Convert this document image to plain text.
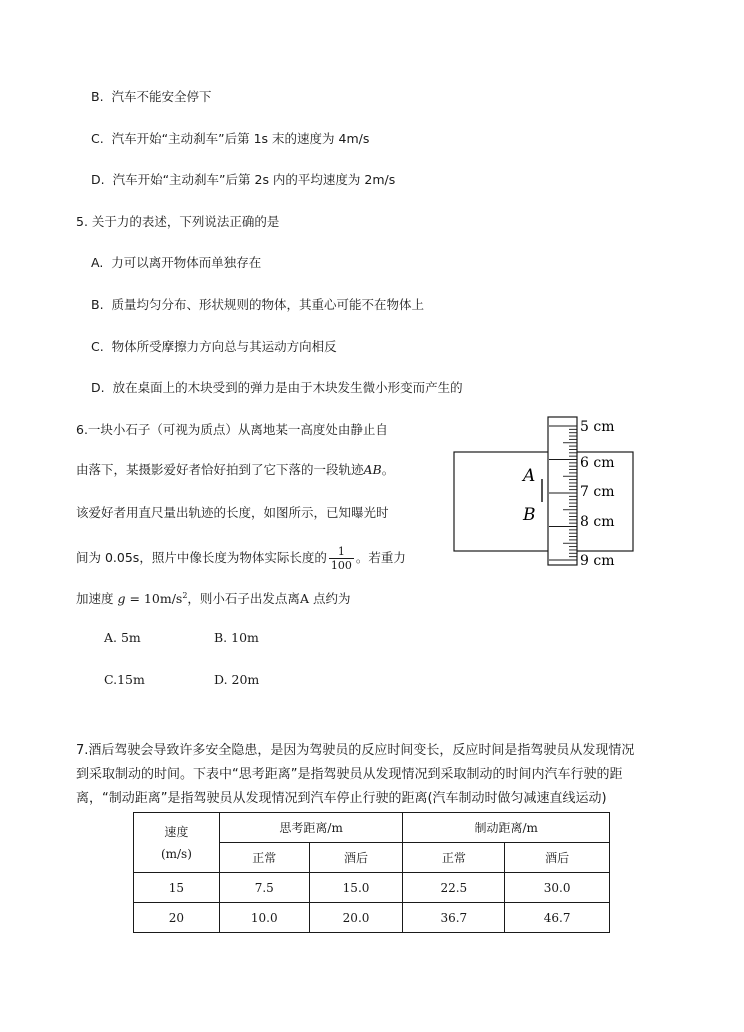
B. 汽车不能安全停下
C. 汽车开始“主动刹车”后第 1s 末的速度为 4m/s
D. 汽车开始“主动刹车”后第 2s 内的平均速度为 2m/s
5. 关于力的表述，下列说法正确的是
A. 力可以离开物体而单独存在
B. 质量均匀分布、形状规则的物体，其重心可能不在物体上
C. 物体所受摩擦力方向总与其运动方向相反
D. 放在桌面上的木块受到的弹力是由于木块发生微小形变而产生的
6.一块小石子（可视为质点）从离地某一高度处由静止自
由落下，某摄影爱好者恰好拍到了它下落的一段轨迹AB。
该爱好者用直尺量出轨迹的长度，如图所示，已知曝光时
间为 0.05s，照片中像长度为物体实际长度的 $\frac{1}{100}$ 。若重力
加速度 $g = 10m/s^2$，则小石子出发点离A 点约为
A. 5m	B. 10m
C.15m	D. 20m
A
B
5 cm
6 cm
7 cm
8 cm
9 cm
7.酒后驾驶会导致许多安全隐患，是因为驾驶员的反应时间变长，反应时间是指驾驶员从发现情况
到采取制动的时间。下表中“思考距离”是指驾驶员从发现情况到采取制动的时间内汽车行驶的距
离，“制动距离”是指驾驶员从发现情况到汽车停止行驶的距离(汽车制动时做匀减速直线运动)
速度
(m/s)	思考距离/m		制动距离/m	
	正常	酒后	正常	酒后
15	7.5	15.0	22.5	30.0
20	10.0	20.0	36.7	46.7
